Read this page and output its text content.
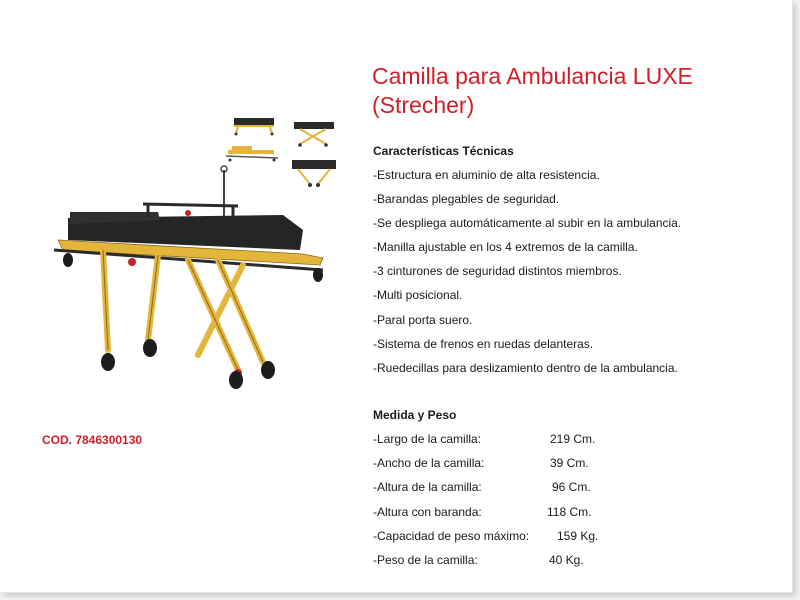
Camilla para Ambulancia LUXE (Strecher)
Características Técnicas
-Estructura en aluminio de alta resistencia.
-Barandas plegables de seguridad.
-Se despliega automáticamente al subir en la ambulancia.
-Manilla ajustable en los 4 extremos de la camilla.
-3 cinturones de seguridad distintos miembros.
-Multi posicional.
-Paral porta suero.
-Sistema de frenos en ruedas delanteras.
-Ruedecillas para deslizamiento dentro de la ambulancia.
Medida y Peso
-Largo de la camilla:	219 Cm.
-Ancho de la camilla:	39 Cm.
-Altura de la camilla:	96 Cm.
-Altura con baranda:	118 Cm.
-Capacidad de peso máximo: 159 Kg.
-Peso de la camilla:	40 Kg.
COD. 7846300130
